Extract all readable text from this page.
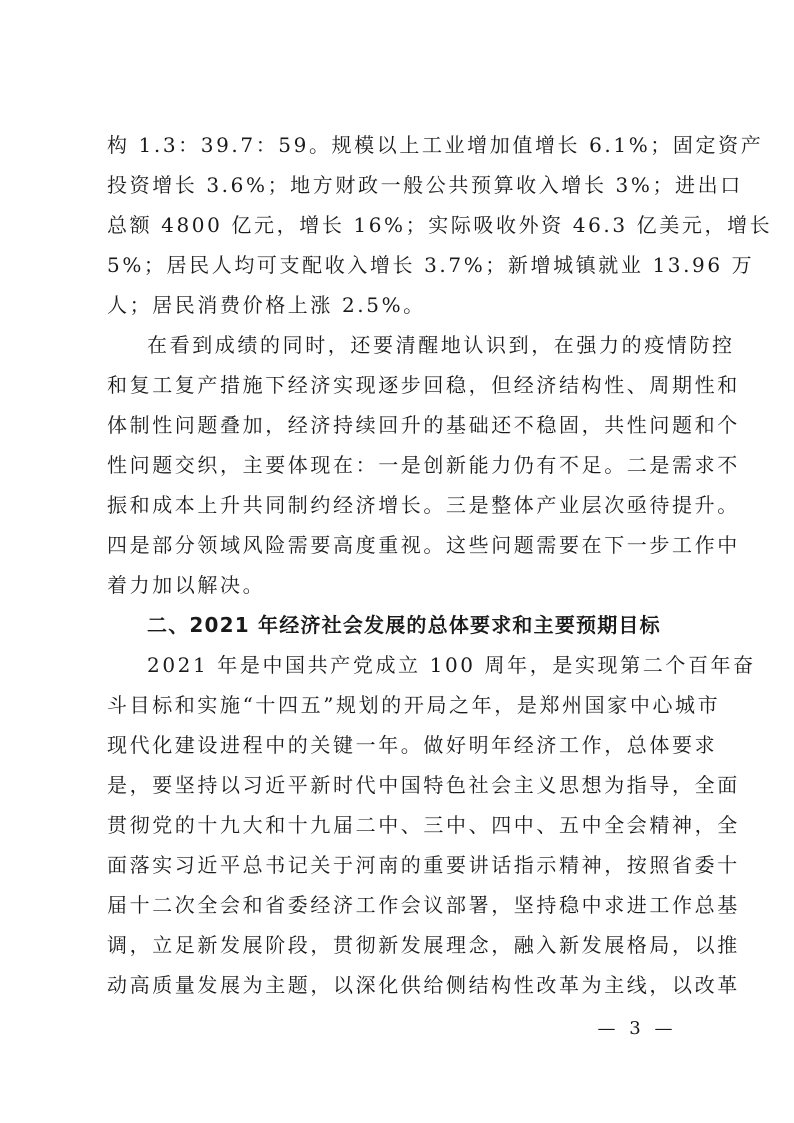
构 1.3：39.7：59。规模以上工业增加值增长 6.1%；固定资产
投资增长 3.6%；地方财政一般公共预算收入增长 3%；进出口
总额 4800 亿元，增长 16%；实际吸收外资 46.3 亿美元，增长
5%；居民人均可支配收入增长 3.7%；新增城镇就业 13.96 万
人；居民消费价格上涨 2.5%。
在看到成绩的同时，还要清醒地认识到，在强力的疫情防控
和复工复产措施下经济实现逐步回稳，但经济结构性、周期性和
体制性问题叠加，经济持续回升的基础还不稳固，共性问题和个
性问题交织，主要体现在：一是创新能力仍有不足。二是需求不
振和成本上升共同制约经济增长。三是整体产业层次亟待提升。
四是部分领域风险需要高度重视。这些问题需要在下一步工作中
着力加以解决。
二、2021 年经济社会发展的总体要求和主要预期目标
2021 年是中国共产党成立 100 周年，是实现第二个百年奋
斗目标和实施“十四五”规划的开局之年，是郑州国家中心城市
现代化建设进程中的关键一年。做好明年经济工作，总体要求
是，要坚持以习近平新时代中国特色社会主义思想为指导，全面
贯彻党的十九大和十九届二中、三中、四中、五中全会精神，全
面落实习近平总书记关于河南的重要讲话指示精神，按照省委十
届十二次全会和省委经济工作会议部署，坚持稳中求进工作总基
调，立足新发展阶段，贯彻新发展理念，融入新发展格局，以推
动高质量发展为主题，以深化供给侧结构性改革为主线，以改革
— 3 —
